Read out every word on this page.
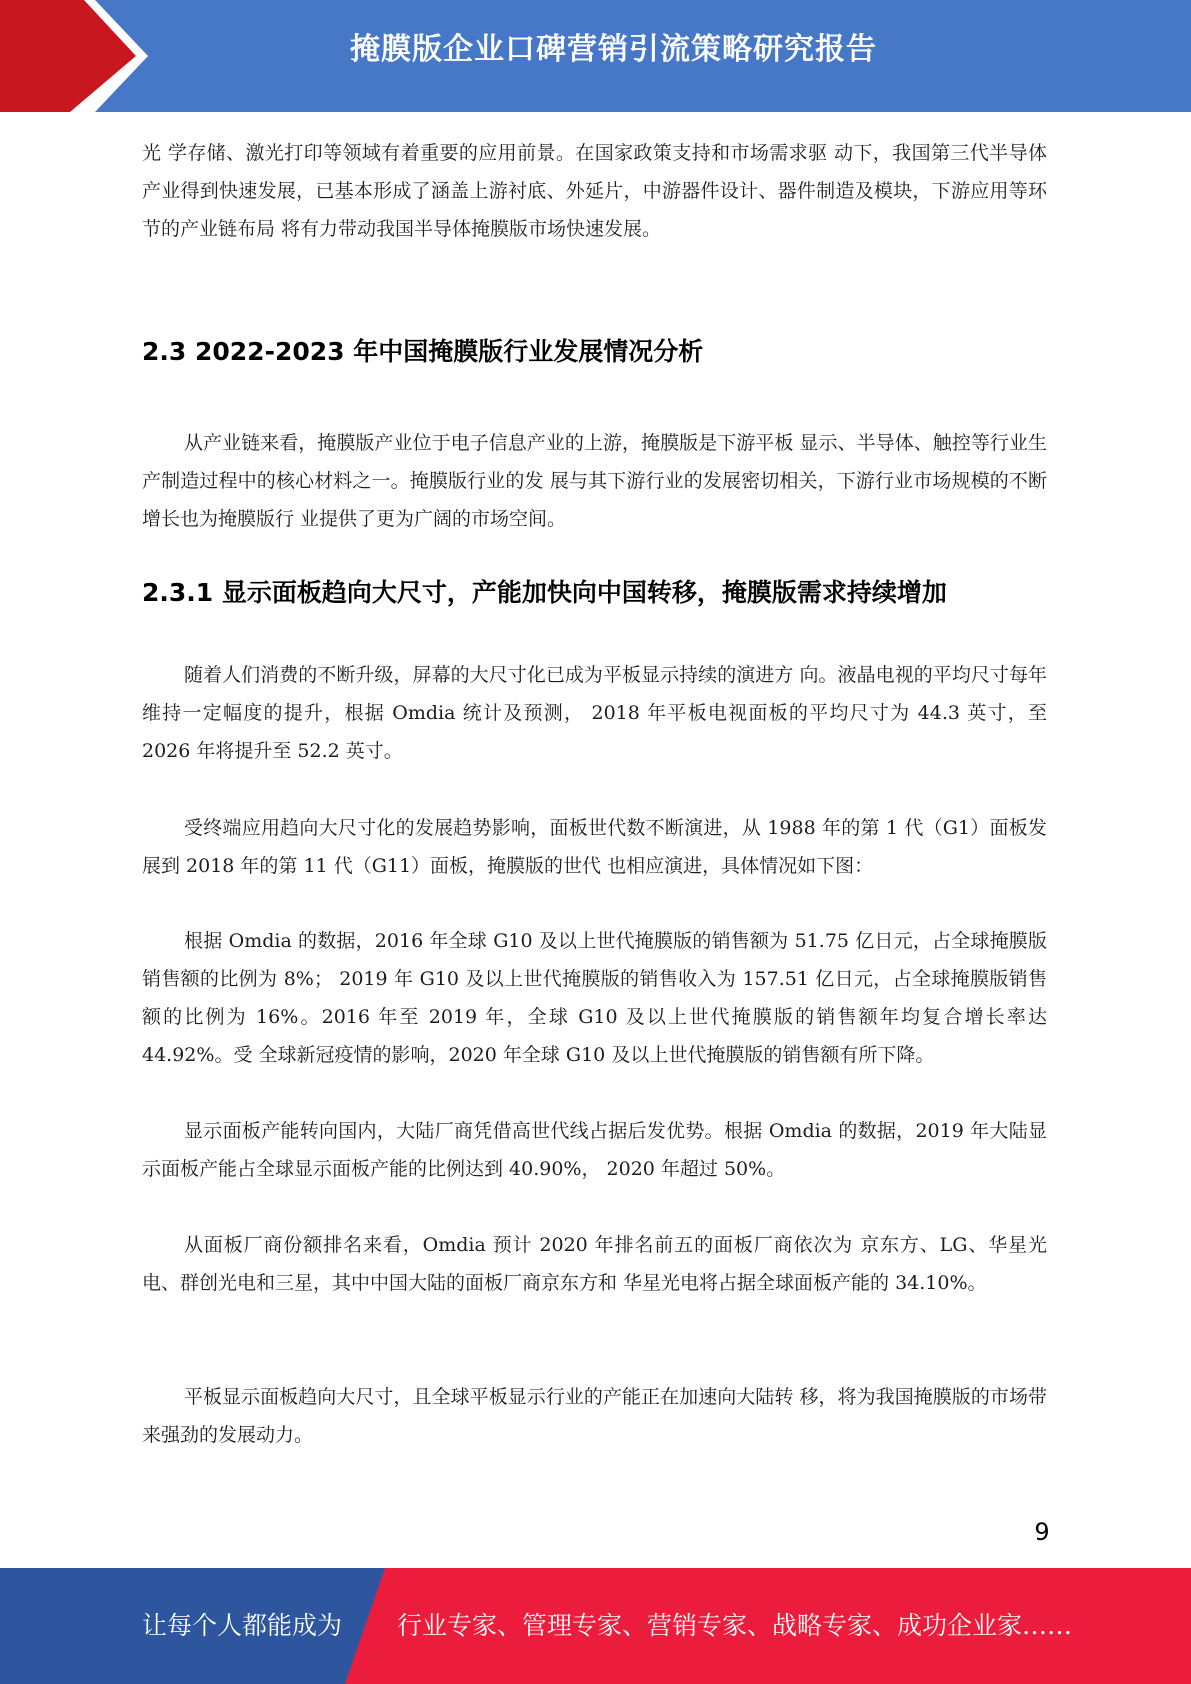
掩膜版企业口碑营销引流策略研究报告

光 学存储、激光打印等领域有着重要的应用前景。在国家政策支持和市场需求驱 动下，我国第三代半导体产业得到快速发展，已基本形成了涵盖上游衬底、外延片，中游器件设计、器件制造及模块，下游应用等环节的产业链布局 将有力带动我国半导体掩膜版市场快速发展。

2.3 2022-2023 年中国掩膜版行业发展情况分析

从产业链来看，掩膜版产业位于电子信息产业的上游，掩膜版是下游平板 显示、半导体、触控等行业生产制造过程中的核心材料之一。掩膜版行业的发 展与其下游行业的发展密切相关，下游行业市场规模的不断增长也为掩膜版行 业提供了更为广阔的市场空间。

2.3.1 显示面板趋向大尺寸，产能加快向中国转移，掩膜版需求持续增加

随着人们消费的不断升级，屏幕的大尺寸化已成为平板显示持续的演进方 向。液晶电视的平均尺寸每年维持一定幅度的提升，根据 Omdia 统计及预测， 2018 年平板电视面板的平均尺寸为 44.3 英寸，至 2026 年将提升至 52.2 英寸。

受终端应用趋向大尺寸化的发展趋势影响，面板世代数不断演进，从 1988 年的第 1 代（G1）面板发展到 2018 年的第 11 代（G11）面板，掩膜版的世代 也相应演进，具体情况如下图：

根据 Omdia 的数据，2016 年全球 G10 及以上世代掩膜版的销售额为 51.75 亿日元，占全球掩膜版销售额的比例为 8%； 2019 年 G10 及以上世代掩膜版的销售收入为 157.51 亿日元，占全球掩膜版销售额的比例为 16%。2016 年至 2019 年，全球 G10 及以上世代掩膜版的销售额年均复合增长率达 44.92%。受 全球新冠疫情的影响，2020 年全球 G10 及以上世代掩膜版的销售额有所下降。

显示面板产能转向国内，大陆厂商凭借高世代线占据后发优势。根据 Omdia 的数据，2019 年大陆显示面板产能占全球显示面板产能的比例达到 40.90%， 2020 年超过 50%。

从面板厂商份额排名来看，Omdia 预计 2020 年排名前五的面板厂商依次为 京东方、LG、华星光电、群创光电和三星，其中中国大陆的面板厂商京东方和 华星光电将占据全球面板产能的 34.10%。

平板显示面板趋向大尺寸，且全球平板显示行业的产能正在加速向大陆转 移，将为我国掩膜版的市场带来强劲的发展动力。

9
让每个人都能成为 行业专家、管理专家、营销专家、战略专家、成功企业家……
